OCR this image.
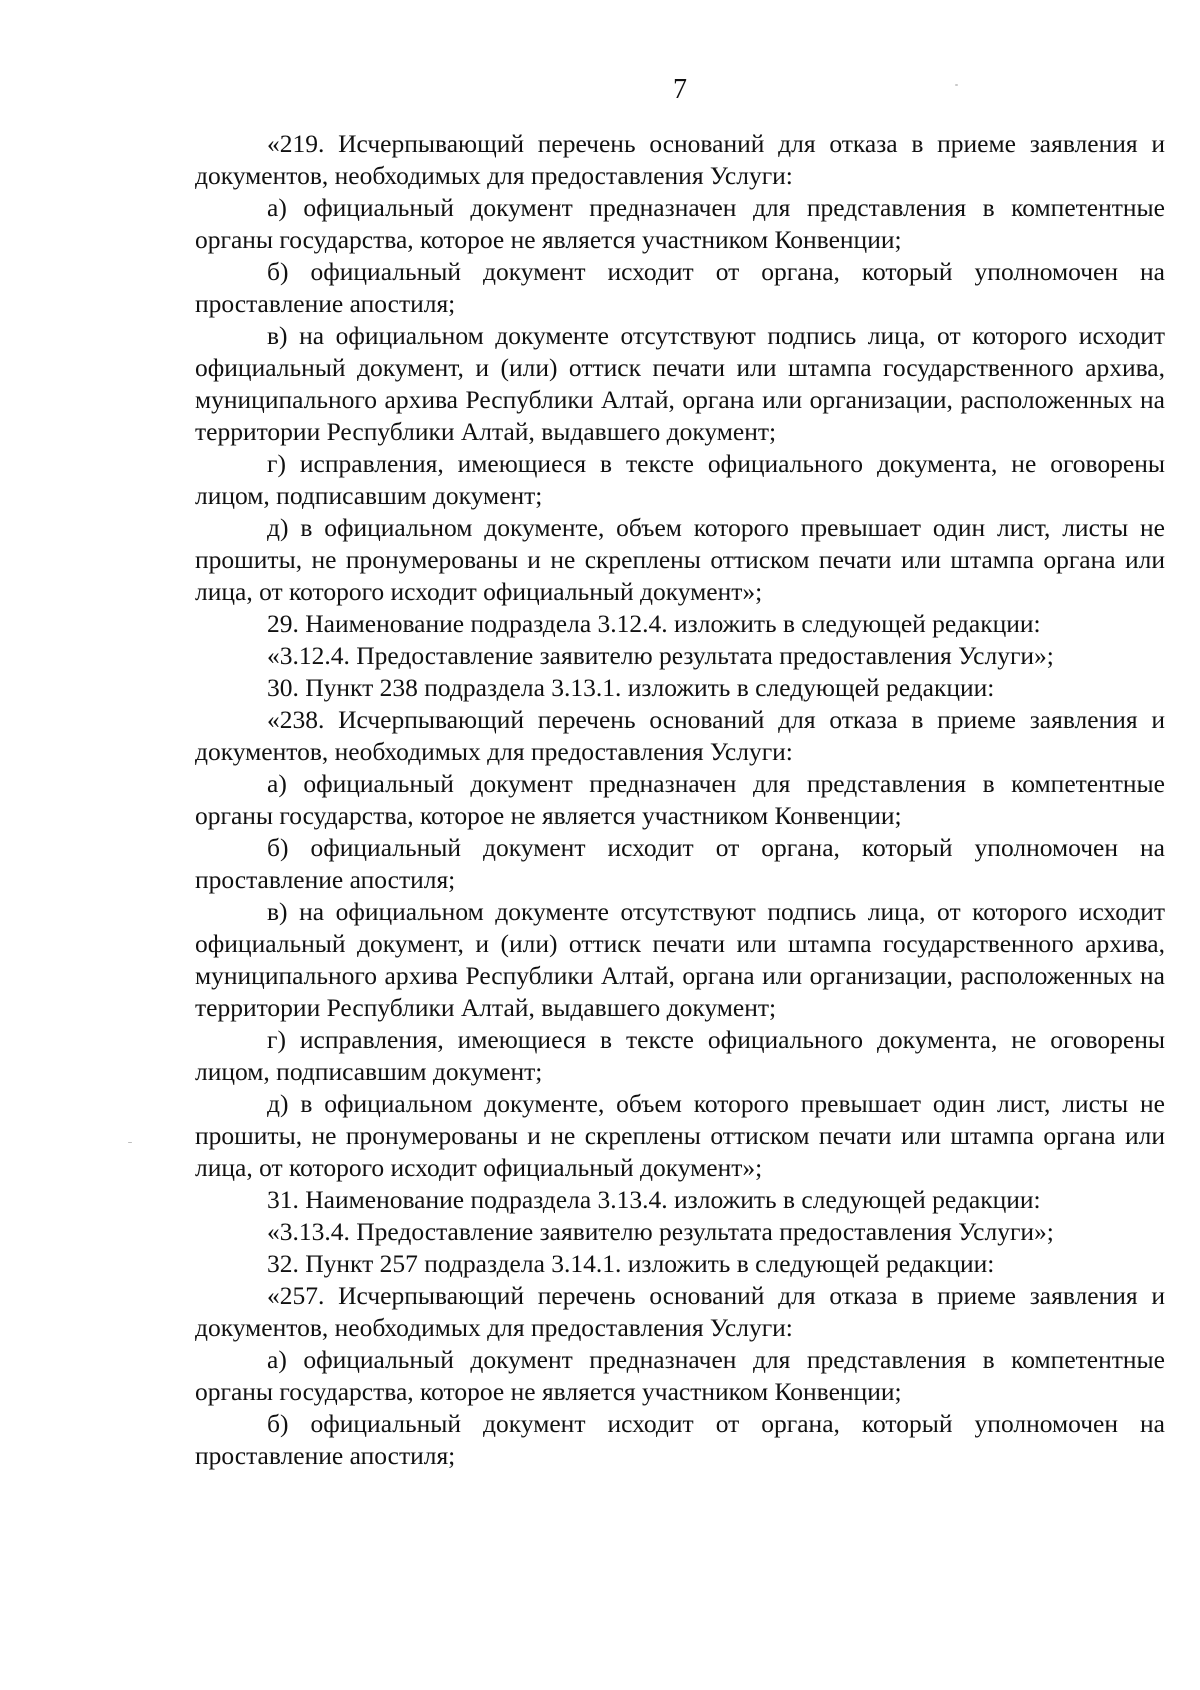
7

«219. Исчерпывающий перечень оснований для отказа в приеме заявления и документов, необходимых для предоставления Услуги:

а) официальный документ предназначен для представления в компетентные органы государства, которое не является участником Конвенции;

б) официальный документ исходит от органа, который уполномочен на проставление апостиля;

в) на официальном документе отсутствуют подпись лица, от которого исходит официальный документ, и (или) оттиск печати или штампа государственного архива, муниципального архива Республики Алтай, органа или организации, расположенных на территории Республики Алтай, выдавшего документ;

г) исправления, имеющиеся в тексте официального документа, не оговорены лицом, подписавшим документ;

д) в официальном документе, объем которого превышает один лист, листы не прошиты, не пронумерованы и не скреплены оттиском печати или штампа органа или лица, от которого исходит официальный документ»;

29. Наименование подраздела 3.12.4. изложить в следующей редакции:

«3.12.4. Предоставление заявителю результата предоставления Услуги»;

30. Пункт 238 подраздела 3.13.1. изложить в следующей редакции:

«238. Исчерпывающий перечень оснований для отказа в приеме заявления и документов, необходимых для предоставления Услуги:

а) официальный документ предназначен для представления в компетентные органы государства, которое не является участником Конвенции;

б) официальный документ исходит от органа, который уполномочен на проставление апостиля;

в) на официальном документе отсутствуют подпись лица, от которого исходит официальный документ, и (или) оттиск печати или штампа государственного архива, муниципального архива Республики Алтай, органа или организации, расположенных на территории Республики Алтай, выдавшего документ;

г) исправления, имеющиеся в тексте официального документа, не оговорены лицом, подписавшим документ;

д) в официальном документе, объем которого превышает один лист, листы не прошиты, не пронумерованы и не скреплены оттиском печати или штампа органа или лица, от которого исходит официальный документ»;

31. Наименование подраздела 3.13.4. изложить в следующей редакции:

«3.13.4. Предоставление заявителю результата предоставления Услуги»;

32. Пункт 257 подраздела 3.14.1. изложить в следующей редакции:

«257. Исчерпывающий перечень оснований для отказа в приеме заявления и документов, необходимых для предоставления Услуги:

а) официальный документ предназначен для представления в компетентные органы государства, которое не является участником Конвенции;

б) официальный документ исходит от органа, который уполномочен на проставление апостиля;
